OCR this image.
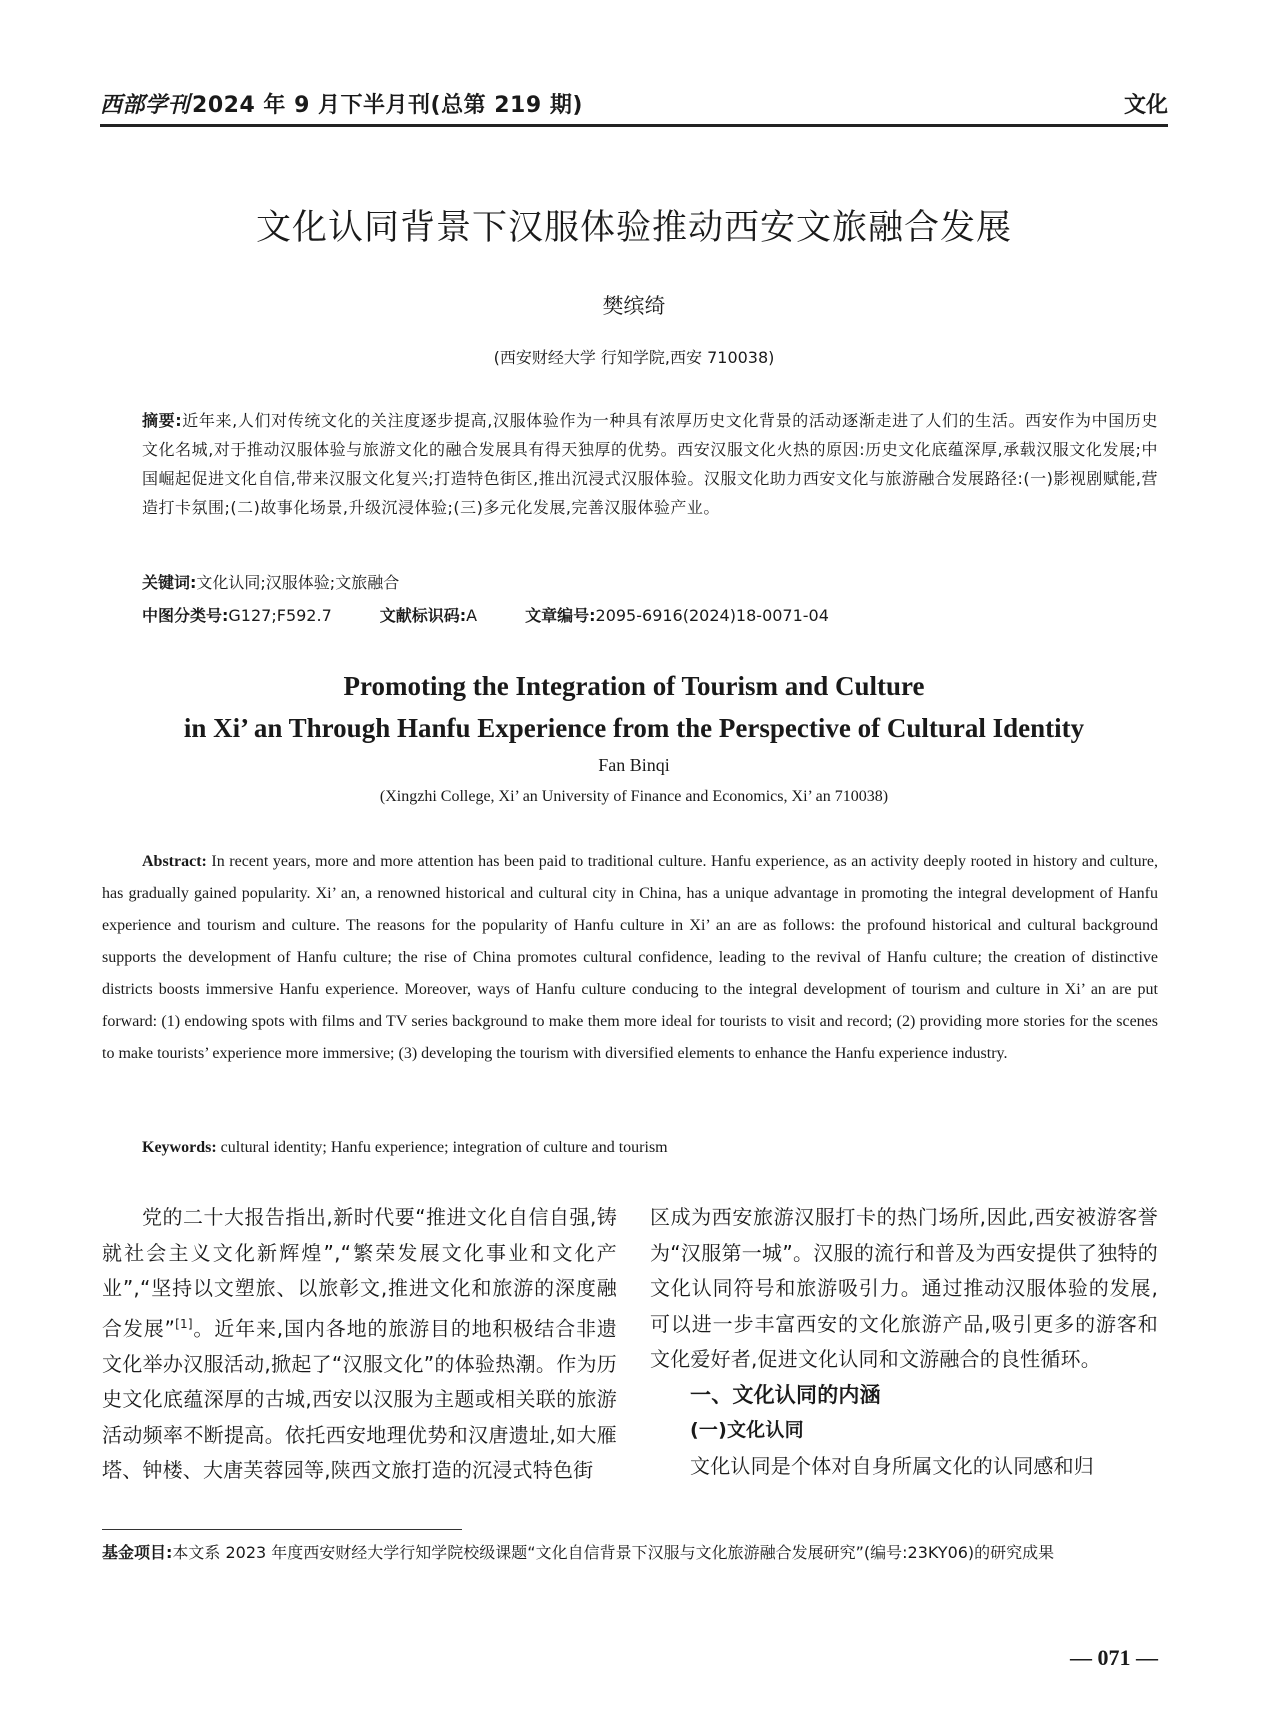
西部学刊2024 年 9 月下半月刊(总第 219 期)	文化
文化认同背景下汉服体验推动西安文旅融合发展
樊缤绮
(西安财经大学 行知学院,西安 710038)
摘要:近年来,人们对传统文化的关注度逐步提高,汉服体验作为一种具有浓厚历史文化背景的活动逐渐走进了人们的生活。西安作为中国历史文化名城,对于推动汉服体验与旅游文化的融合发展具有得天独厚的优势。西安汉服文化火热的原因:历史文化底蕴深厚,承载汉服文化发展;中国崛起促进文化自信,带来汉服文化复兴;打造特色街区,推出沉浸式汉服体验。汉服文化助力西安文化与旅游融合发展路径:(一)影视剧赋能,营造打卡氛围;(二)故事化场景,升级沉浸体验;(三)多元化发展,完善汉服体验产业。
关键词:文化认同;汉服体验;文旅融合
中图分类号:G127;F592.7	文献标识码:A	文章编号:2095-6916(2024)18-0071-04
Promoting the Integration of Tourism and Culture
in Xi’ an Through Hanfu Experience from the Perspective of Cultural Identity
Fan Binqi
(Xingzhi College, Xi’ an University of Finance and Economics, Xi’ an 710038)
Abstract: In recent years, more and more attention has been paid to traditional culture. Hanfu experience, as an activity deeply rooted in history and culture, has gradually gained popularity. Xi’ an, a renowned historical and cultural city in China, has a unique advantage in promoting the integral development of Hanfu experience and tourism and culture. The reasons for the popularity of Hanfu culture in Xi’ an are as follows: the profound historical and cultural background supports the development of Hanfu culture; the rise of China promotes cultural confidence, leading to the revival of Hanfu culture; the creation of distinctive districts boosts immersive Hanfu experience. Moreover, ways of Hanfu culture conducing to the integral development of tourism and culture in Xi’ an are put forward: (1) endowing spots with films and TV series background to make them more ideal for tourists to visit and record; (2) providing more stories for the scenes to make tourists’ experience more immersive; (3) developing the tourism with diversified elements to enhance the Hanfu experience industry.
Keywords: cultural identity; Hanfu experience; integration of culture and tourism
党的二十大报告指出,新时代要“推进文化自信自强,铸就社会主义文化新辉煌”,“繁荣发展文化事业和文化产业”,“坚持以文塑旅、以旅彰文,推进文化和旅游的深度融合发展”[1]。近年来,国内各地的旅游目的地积极结合非遗文化举办汉服活动,掀起了“汉服文化”的体验热潮。作为历史文化底蕴深厚的古城,西安以汉服为主题或相关联的旅游活动频率不断提高。依托西安地理优势和汉唐遗址,如大雁塔、钟楼、大唐芙蓉园等,陕西文旅打造的沉浸式特色街
区成为西安旅游汉服打卡的热门场所,因此,西安被游客誉为“汉服第一城”。汉服的流行和普及为西安提供了独特的文化认同符号和旅游吸引力。通过推动汉服体验的发展,可以进一步丰富西安的文化旅游产品,吸引更多的游客和文化爱好者,促进文化认同和文游融合的良性循环。
一、文化认同的内涵
(一)文化认同
文化认同是个体对自身所属文化的认同感和归
基金项目:本文系 2023 年度西安财经大学行知学院校级课题“文化自信背景下汉服与文化旅游融合发展研究”(编号:23KY06)的研究成果
— 071 —
